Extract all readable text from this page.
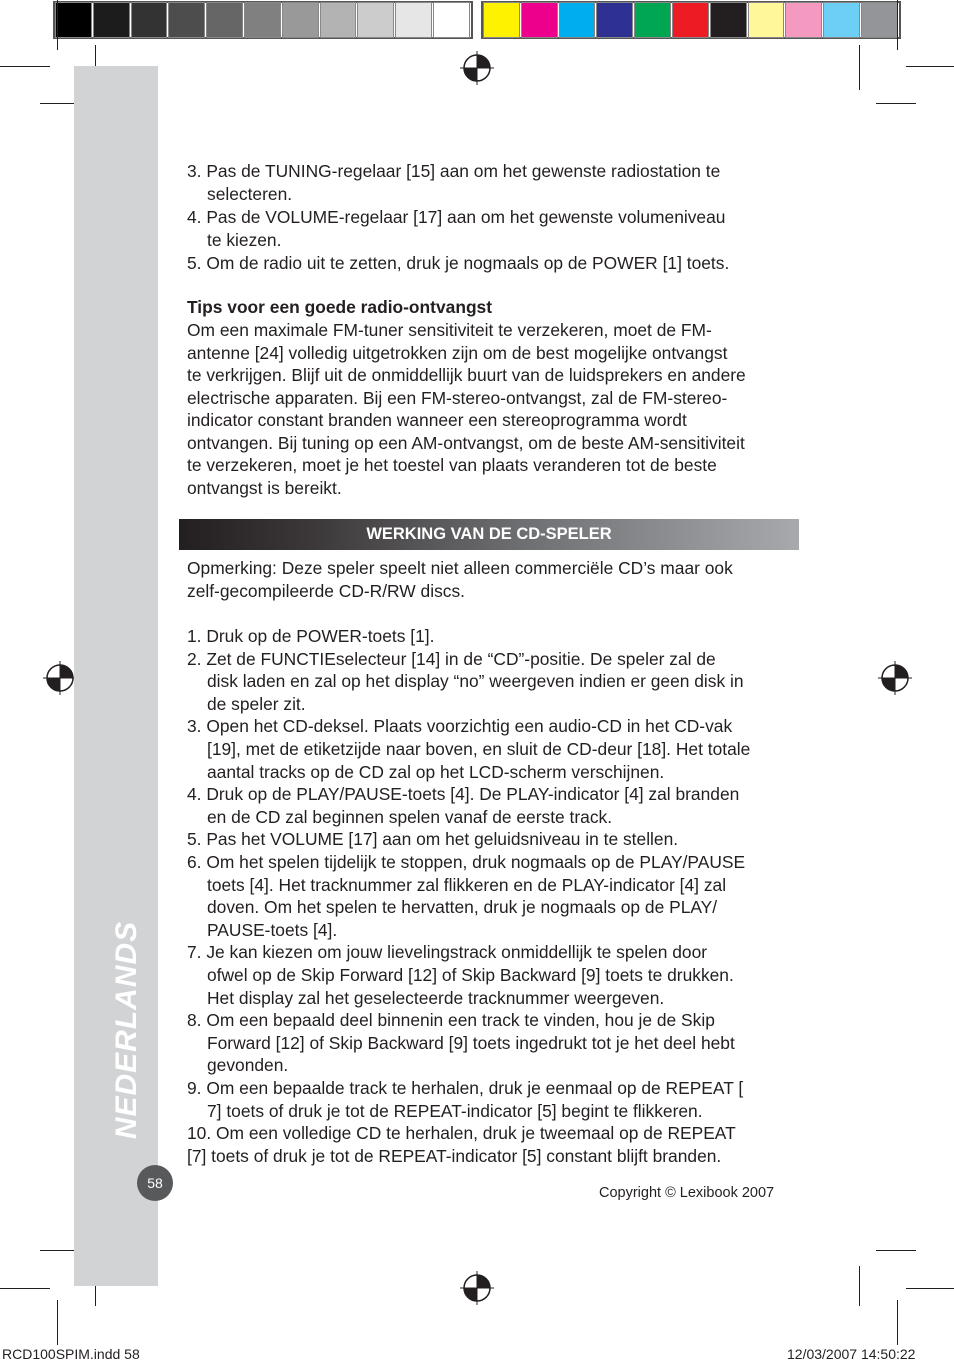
NEDERLANDS
58
3. Pas de TUNING-regelaar [15] aan om het gewenste radiostation te
selecteren.
4. Pas de VOLUME-regelaar [17] aan om het gewenste volumeniveau
te kiezen.
5. Om de radio uit te zetten, druk je nogmaals op de POWER [1] toets.
Tips voor een goede radio-ontvangst
Om een maximale FM-tuner sensitiviteit te verzekeren, moet de FM-
antenne [24] volledig uitgetrokken zijn om de best mogelijke ontvangst
te verkrijgen. Blijf uit de onmiddellijk buurt van de luidsprekers en andere
electrische apparaten. Bij een FM-stereo-ontvangst, zal de FM-stereo-
indicator constant branden wanneer een stereoprogramma wordt
ontvangen. Bij tuning op een AM-ontvangst, om de beste AM-sensitiviteit
te verzekeren, moet je het toestel van plaats veranderen tot de beste
ontvangst is bereikt.
WERKING VAN DE CD-SPELER
Opmerking: Deze speler speelt niet alleen commerciële CD’s maar ook
zelf-gecompileerde CD-R/RW discs.
1. Druk op de POWER-toets [1].
2. Zet de FUNCTIEselecteur [14] in de “CD”-positie. De speler zal de
disk laden en zal op het display “no” weergeven indien er geen disk in
de speler zit.
3. Open het CD-deksel. Plaats voorzichtig een audio-CD in het CD-vak
[19], met de etiketzijde naar boven, en sluit de CD-deur [18]. Het totale
aantal tracks op de CD zal op het LCD-scherm verschijnen.
4. Druk op de PLAY/PAUSE-toets [4]. De PLAY-indicator [4] zal branden
en de CD zal beginnen spelen vanaf de eerste track.
5. Pas het VOLUME [17] aan om het geluidsniveau in te stellen.
6. Om het spelen tijdelijk te stoppen, druk nogmaals op de PLAY/PAUSE
toets [4]. Het tracknummer zal flikkeren en de PLAY-indicator [4] zal
doven. Om het spelen te hervatten, druk je nogmaals op de PLAY/
PAUSE-toets [4].
7. Je kan kiezen om jouw lievelingstrack onmiddellijk te spelen door
ofwel op de Skip Forward [12] of Skip Backward [9] toets te drukken.
Het display zal het geselecteerde tracknummer weergeven.
8. Om een bepaald deel binnenin een track te vinden, hou je de Skip
Forward [12] of Skip Backward [9] toets ingedrukt tot je het deel hebt
gevonden.
9. Om een bepaalde track te herhalen, druk je eenmaal op de REPEAT [
7] toets of druk je tot de REPEAT-indicator [5] begint te flikkeren.
10. Om een volledige CD te herhalen, druk je tweemaal op de REPEAT
[7] toets of druk je tot de REPEAT-indicator [5] constant blijft branden.
Copyright © Lexibook 2007
RCD100SPIM.indd 58	12/03/2007 14:50:22
